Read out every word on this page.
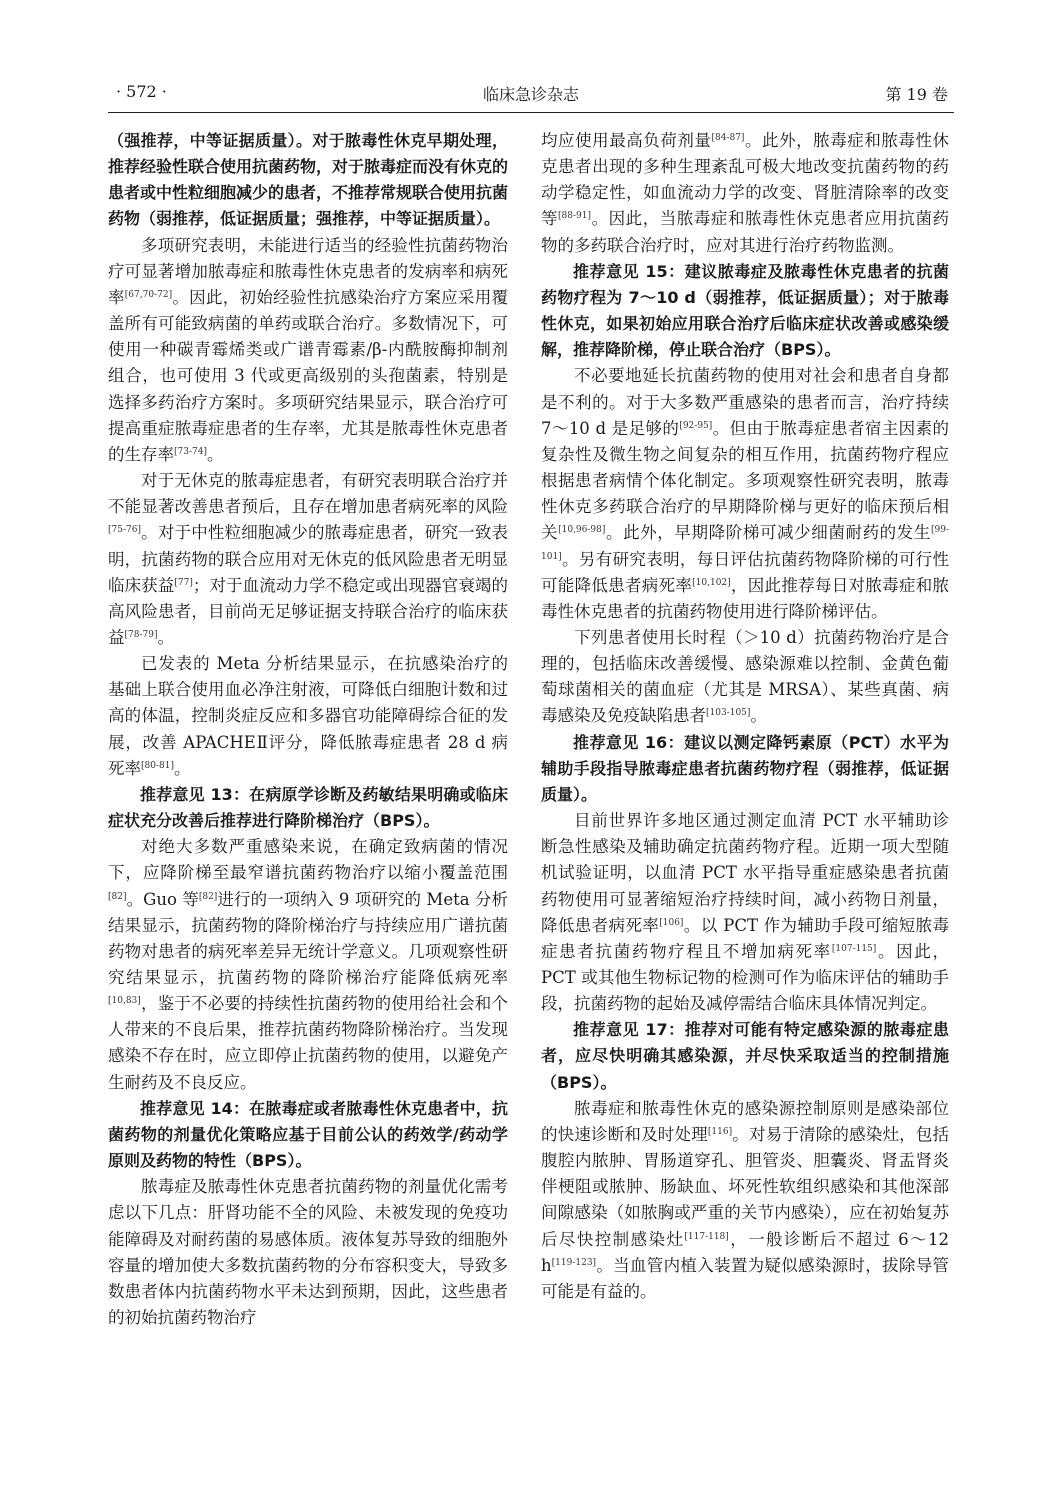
· 572 ·	临床急诊杂志	第 19 卷

（强推荐，中等证据质量）。对于脓毒性休克早期处理，推荐经验性联合使用抗菌药物，对于脓毒症而没有休克的患者或中性粒细胞减少的患者，不推荐常规联合使用抗菌药物（弱推荐，低证据质量；强推荐，中等证据质量）。

多项研究表明，未能进行适当的经验性抗菌药物治疗可显著增加脓毒症和脓毒性休克患者的发病率和病死率[67,70-72]。因此，初始经验性抗感染治疗方案应采用覆盖所有可能致病菌的单药或联合治疗。多数情况下，可使用一种碳青霉烯类或广谱青霉素/β-内酰胺酶抑制剂组合，也可使用 3 代或更高级别的头孢菌素，特别是选择多药治疗方案时。多项研究结果显示，联合治疗可提高重症脓毒症患者的生存率，尤其是脓毒性休克患者的生存率[73-74]。

对于无休克的脓毒症患者，有研究表明联合治疗并不能显著改善患者预后，且存在增加患者病死率的风险[75-76]。对于中性粒细胞减少的脓毒症患者，研究一致表明，抗菌药物的联合应用对无休克的低风险患者无明显临床获益[77]；对于血流动力学不稳定或出现器官衰竭的高风险患者，目前尚无足够证据支持联合治疗的临床获益[78-79]。

已发表的 Meta 分析结果显示，在抗感染治疗的基础上联合使用血必净注射液，可降低白细胞计数和过高的体温，控制炎症反应和多器官功能障碍综合征的发展，改善 APACHEⅡ评分，降低脓毒症患者 28 d 病死率[80-81]。

推荐意见 13：在病原学诊断及药敏结果明确或临床症状充分改善后推荐进行降阶梯治疗（BPS）。

对绝大多数严重感染来说，在确定致病菌的情况下，应降阶梯至最窄谱抗菌药物治疗以缩小覆盖范围[82]。Guo 等[82]进行的一项纳入 9 项研究的 Meta 分析结果显示，抗菌药物的降阶梯治疗与持续应用广谱抗菌药物对患者的病死率差异无统计学意义。几项观察性研究结果显示，抗菌药物的降阶梯治疗能降低病死率[10,83]，鉴于不必要的持续性抗菌药物的使用给社会和个人带来的不良后果，推荐抗菌药物降阶梯治疗。当发现感染不存在时，应立即停止抗菌药物的使用，以避免产生耐药及不良反应。

推荐意见 14：在脓毒症或者脓毒性休克患者中，抗菌药物的剂量优化策略应基于目前公认的药效学/药动学原则及药物的特性（BPS）。

脓毒症及脓毒性休克患者抗菌药物的剂量优化需考虑以下几点：肝肾功能不全的风险、未被发现的免疫功能障碍及对耐药菌的易感体质。液体复苏导致的细胞外容量的增加使大多数抗菌药物的分布容积变大，导致多数患者体内抗菌药物水平未达到预期，因此，这些患者的初始抗菌药物治疗

均应使用最高负荷剂量[84-87]。此外，脓毒症和脓毒性休克患者出现的多种生理紊乱可极大地改变抗菌药物的药动学稳定性，如血流动力学的改变、肾脏清除率的改变等[88-91]。因此，当脓毒症和脓毒性休克患者应用抗菌药物的多药联合治疗时，应对其进行治疗药物监测。

推荐意见 15：建议脓毒症及脓毒性休克患者的抗菌药物疗程为 7～10 d（弱推荐，低证据质量）；对于脓毒性休克，如果初始应用联合治疗后临床症状改善或感染缓解，推荐降阶梯，停止联合治疗（BPS）。

不必要地延长抗菌药物的使用对社会和患者自身都是不利的。对于大多数严重感染的患者而言，治疗持续 7～10 d 是足够的[92-95]。但由于脓毒症患者宿主因素的复杂性及微生物之间复杂的相互作用，抗菌药物疗程应根据患者病情个体化制定。多项观察性研究表明，脓毒性休克多药联合治疗的早期降阶梯与更好的临床预后相关[10,96-98]。此外，早期降阶梯可减少细菌耐药的发生[99-101]。另有研究表明，每日评估抗菌药物降阶梯的可行性可能降低患者病死率[10,102]，因此推荐每日对脓毒症和脓毒性休克患者的抗菌药物使用进行降阶梯评估。

下列患者使用长时程（＞10 d）抗菌药物治疗是合理的，包括临床改善缓慢、感染源难以控制、金黄色葡萄球菌相关的菌血症（尤其是 MRSA）、某些真菌、病毒感染及免疫缺陷患者[103-105]。

推荐意见 16：建议以测定降钙素原（PCT）水平为辅助手段指导脓毒症患者抗菌药物疗程（弱推荐，低证据质量）。

目前世界许多地区通过测定血清 PCT 水平辅助诊断急性感染及辅助确定抗菌药物疗程。近期一项大型随机试验证明，以血清 PCT 水平指导重症感染患者抗菌药物使用可显著缩短治疗持续时间，减小药物日剂量，降低患者病死率[106]。以 PCT 作为辅助手段可缩短脓毒症患者抗菌药物疗程且不增加病死率[107-115]。因此，PCT 或其他生物标记物的检测可作为临床评估的辅助手段，抗菌药物的起始及减停需结合临床具体情况判定。

推荐意见 17：推荐对可能有特定感染源的脓毒症患者，应尽快明确其感染源，并尽快采取适当的控制措施（BPS）。

脓毒症和脓毒性休克的感染源控制原则是感染部位的快速诊断和及时处理[116]。对易于清除的感染灶，包括腹腔内脓肿、胃肠道穿孔、胆管炎、胆囊炎、肾盂肾炎伴梗阻或脓肿、肠缺血、坏死性软组织感染和其他深部间隙感染（如脓胸或严重的关节内感染），应在初始复苏后尽快控制感染灶[117-118]，一般诊断后不超过 6～12 h[119-123]。当血管内植入装置为疑似感染源时，拔除导管可能是有益的。
